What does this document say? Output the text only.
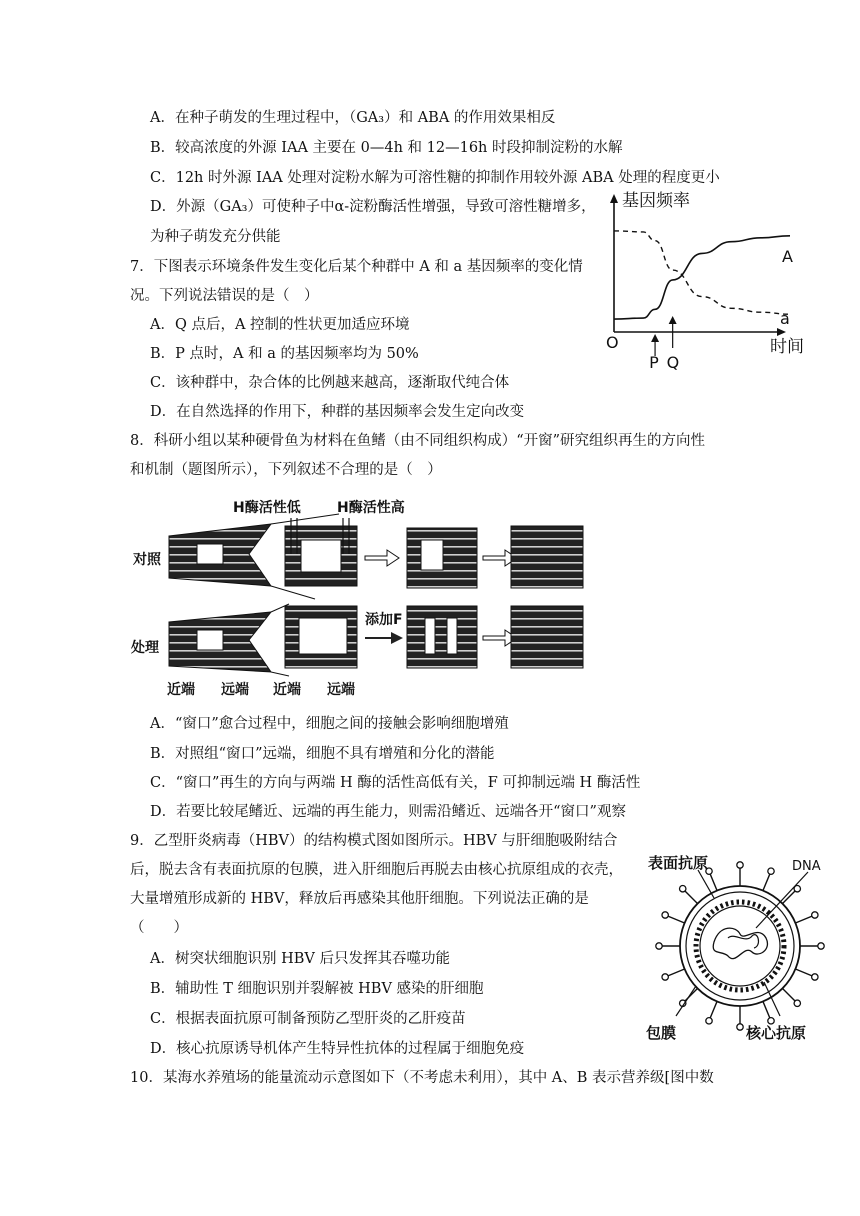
A．在种子萌发的生理过程中，（GA₃）和 ABA 的作用效果相反
B．较高浓度的外源 IAA 主要在 0—4h 和 12—16h 时段抑制淀粉的水解
C．12h 时外源 IAA 处理对淀粉水解为可溶性糖的抑制作用较外源 ABA 处理的程度更小
D．外源（GA₃）可使种子中α-淀粉酶活性增强，导致可溶性糖增多，
为种子萌发充分供能
7．下图表示环境条件发生变化后某个种群中 A 和 a 基因频率的变化情
况。下列说法错误的是（　）
A．Q 点后，A 控制的性状更加适应环境
B．P 点时，A 和 a 的基因频率均为 50%
C．该种群中，杂合体的比例越来越高，逐渐取代纯合体
D．在自然选择的作用下，种群的基因频率会发生定向改变
基因频率
时间
O
A
a
P Q
8．科研小组以某种硬骨鱼为材料在鱼鳍（由不同组织构成）“开窗”研究组织再生的方向性
和机制（题图所示），下列叙述不合理的是（　）
H酶活性低	H酶活性高
对照
处理
添加F
近端 远端 近端 远端
A．“窗口”愈合过程中，细胞之间的接触会影响细胞增殖
B．对照组“窗口”远端，细胞不具有增殖和分化的潜能
C．“窗口”再生的方向与两端 H 酶的活性高低有关，F 可抑制远端 H 酶活性
D．若要比较尾鳍近、远端的再生能力，则需沿鳍近、远端各开“窗口”观察
9．乙型肝炎病毒（HBV）的结构模式图如图所示。HBV 与肝细胞吸附结合
后，脱去含有表面抗原的包膜，进入肝细胞后再脱去由核心抗原组成的衣壳，
大量增殖形成新的 HBV，释放后再感染其他肝细胞。下列说法正确的是
（　　）
A．树突状细胞识别 HBV 后只发挥其吞噬功能
B．辅助性 T 细胞识别并裂解被 HBV 感染的肝细胞
C．根据表面抗原可制备预防乙型肝炎的乙肝疫苗
D．核心抗原诱导机体产生特异性抗体的过程属于细胞免疫
表面抗原	DNA
包膜	核心抗原
10．某海水养殖场的能量流动示意图如下（不考虑未利用），其中 A、B 表示营养级[图中数
